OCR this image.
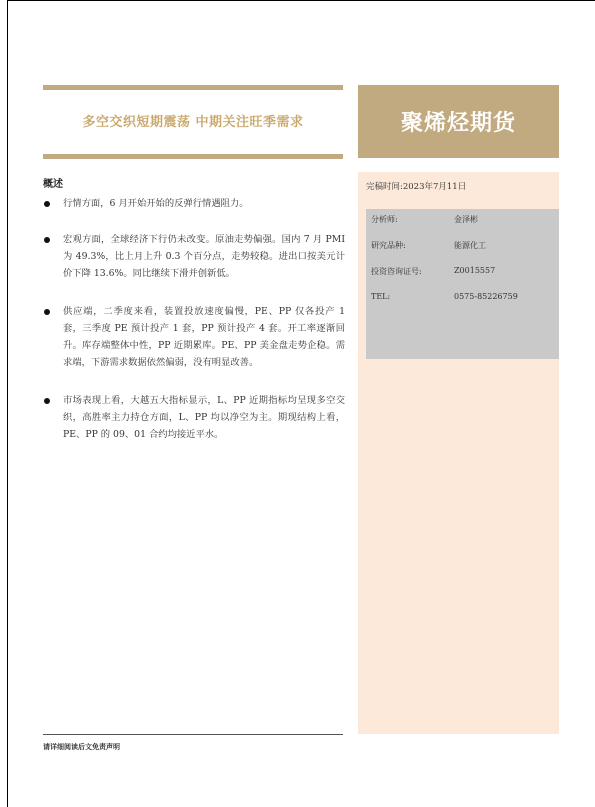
多空交织短期震荡 中期关注旺季需求	聚烯烃期货
完稿时间:2023年7月11日
分析师:	金泽彬
研究品种:	能源化工
投资咨询证号:	Z0015557
TEL:	0575-85226759
概述
行情方面，6 月开始开始的反弹行情遇阻力。
宏观方面，全球经济下行仍未改变。原油走势偏强。国内 7 月 PMI 为 49.3%，比上月上升 0.3 个百分点，走势较稳。进出口按美元计价下降 13.6%。同比继续下滑并创新低。
供应端，二季度来看，装置投放速度偏慢，PE、PP 仅各投产 1 套，三季度 PE 预计投产 1 套，PP 预计投产 4 套。开工率逐渐回升。库存端整体中性，PP 近期累库。PE、PP 美金盘走势企稳。需求端，下游需求数据依然偏弱，没有明显改善。
市场表现上看，大越五大指标显示，L、PP 近期指标均呈现多空交织，高胜率主力持仓方面，L、PP 均以净空为主。期现结构上看，PE、PP 的 09、01 合约均接近平水。
请详细阅读后文免责声明
